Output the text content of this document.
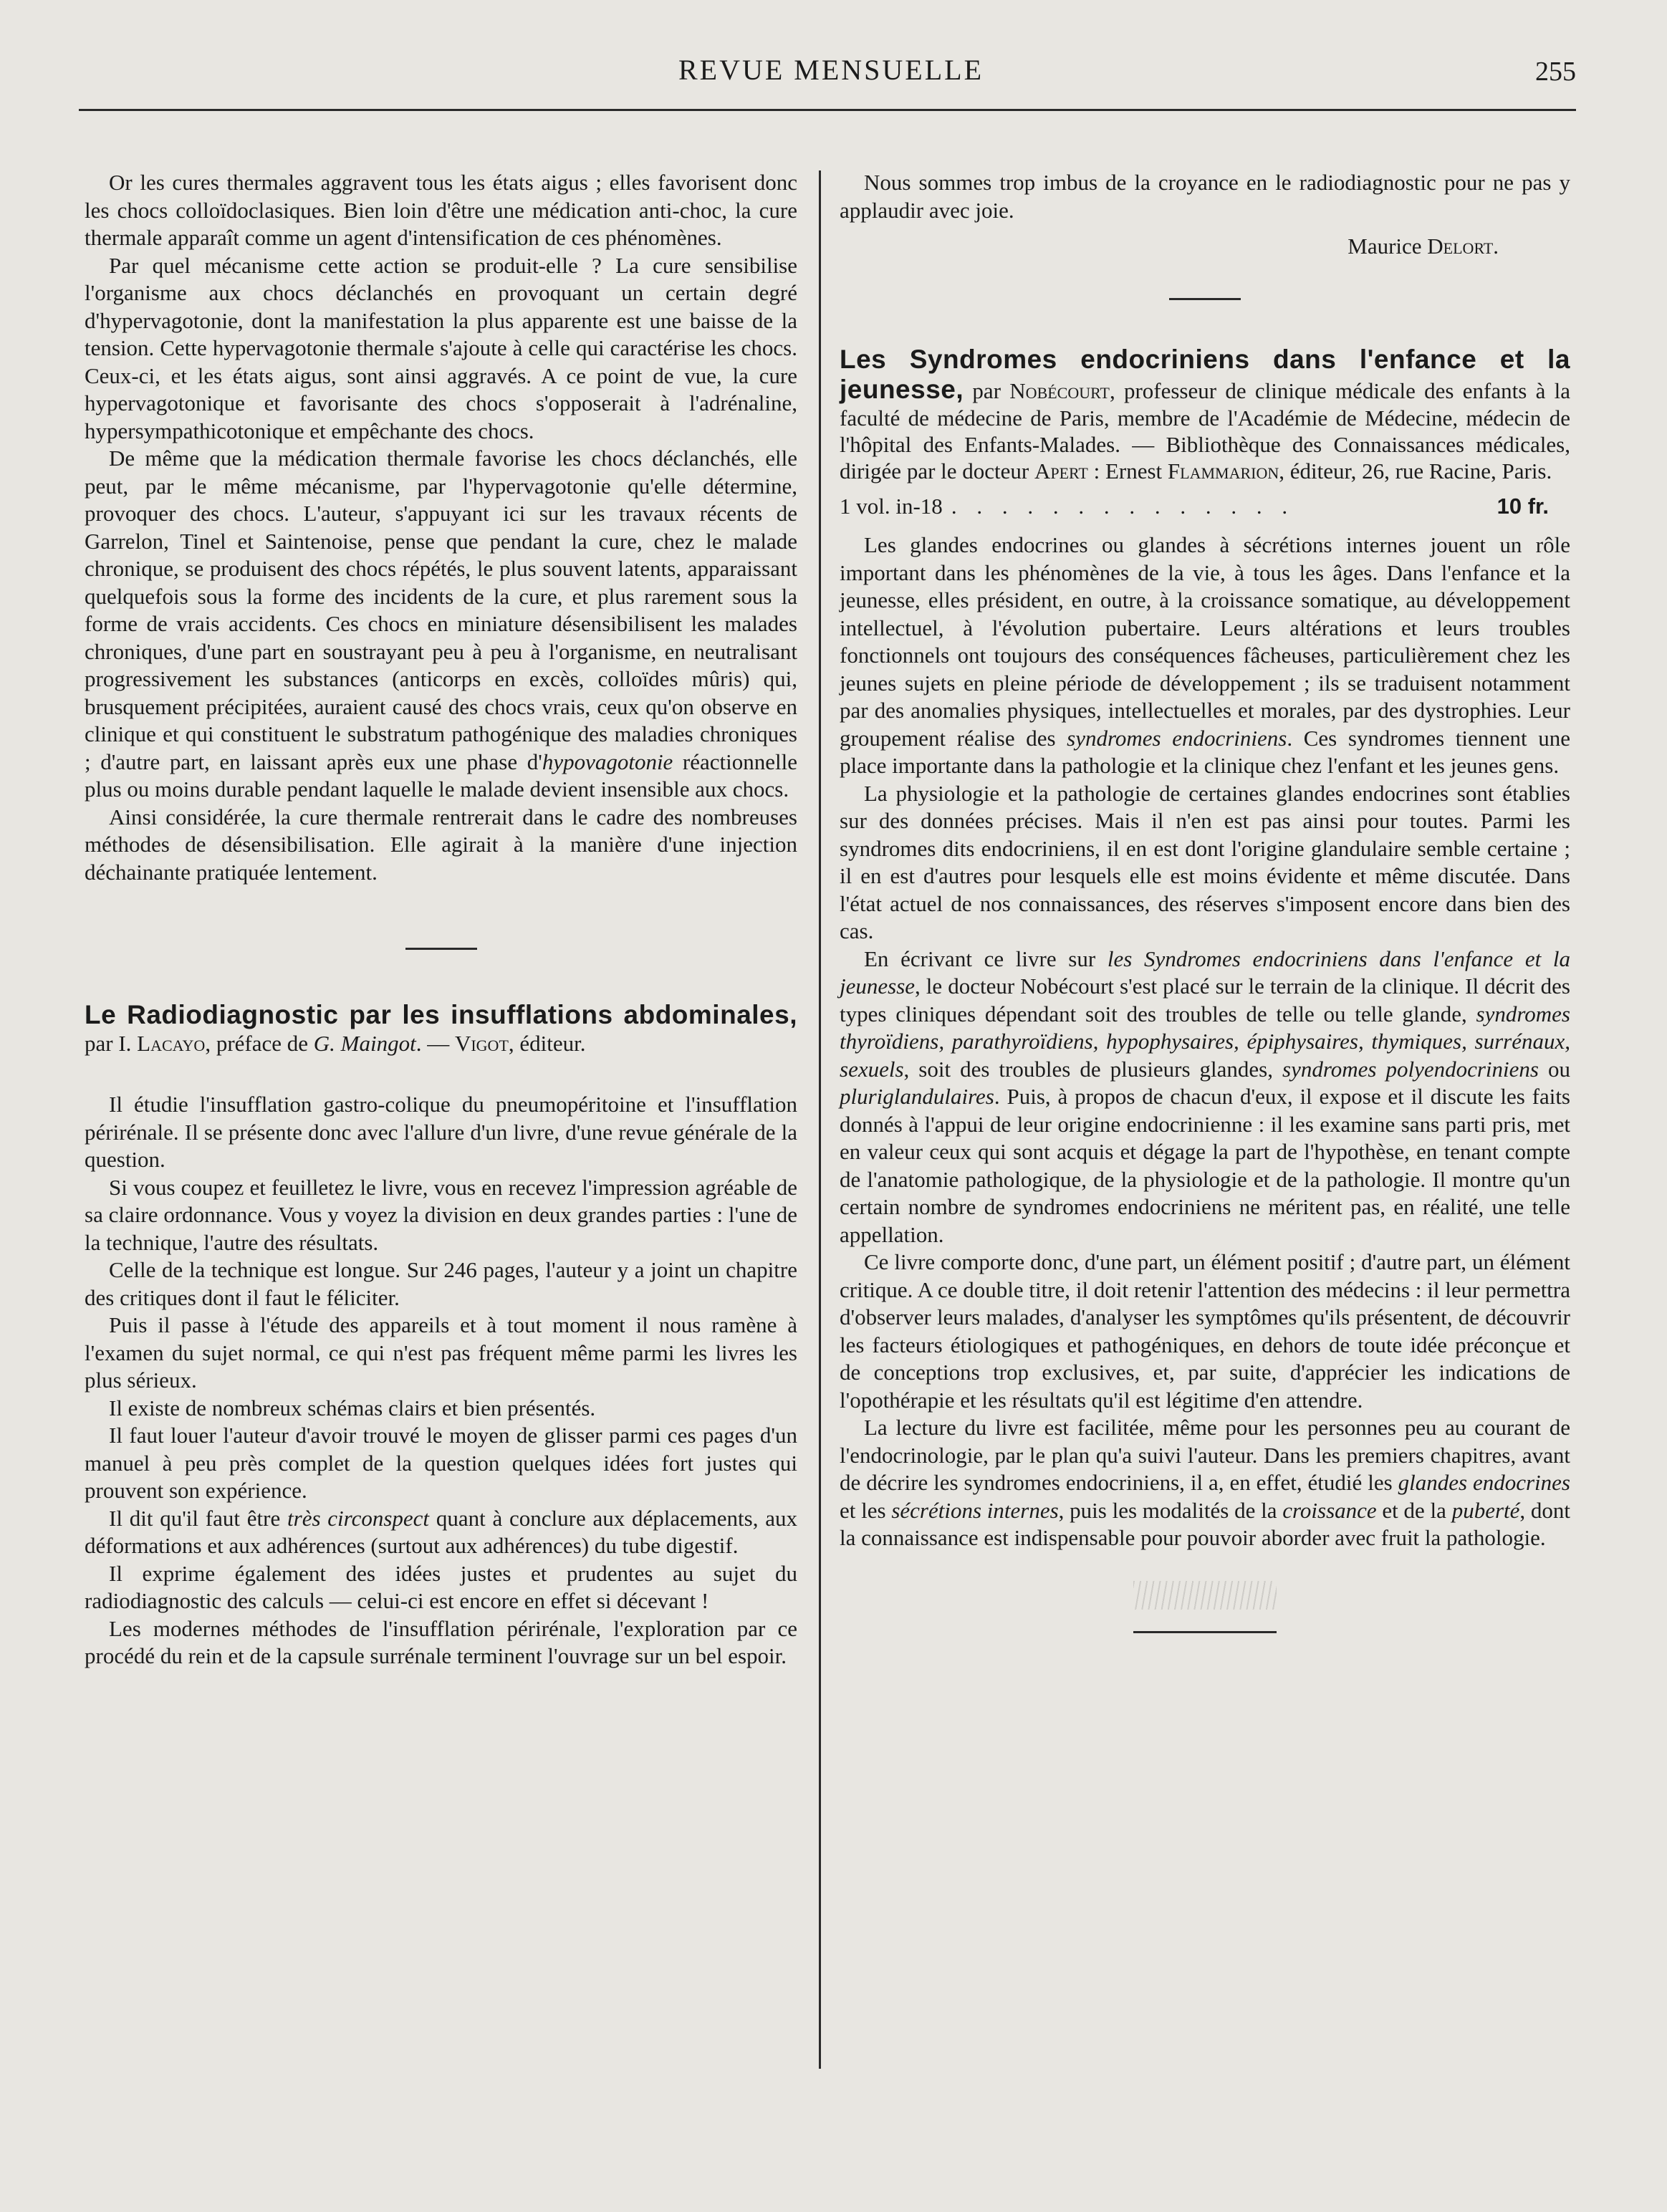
REVUE MENSUELLE	255

Or les cures thermales aggravent tous les états aigus ; elles favorisent donc les chocs colloïdoclasiques. Bien loin d'être une médication anti-choc, la cure thermale apparaît comme un agent d'intensification de ces phénomènes.

Par quel mécanisme cette action se produit-elle ? La cure sensibilise l'organisme aux chocs déclanchés en provoquant un certain degré d'hypervagotonie, dont la manifestation la plus apparente est une baisse de la tension. Cette hypervagotonie thermale s'ajoute à celle qui caractérise les chocs. Ceux-ci, et les états aigus, sont ainsi aggravés. A ce point de vue, la cure hypervagotonique et favorisante des chocs s'opposerait à l'adrénaline, hypersympathicotonique et empêchante des chocs.

De même que la médication thermale favorise les chocs déclanchés, elle peut, par le même mécanisme, par l'hypervagotonie qu'elle détermine, provoquer des chocs. L'auteur, s'appuyant ici sur les travaux récents de Garrelon, Tinel et Saintenoise, pense que pendant la cure, chez le malade chronique, se produisent des chocs répétés, le plus souvent latents, apparaissant quelquefois sous la forme des incidents de la cure, et plus rarement sous la forme de vrais accidents. Ces chocs en miniature désensibilisent les malades chroniques, d'une part en soustrayant peu à peu à l'organisme, en neutralisant progressivement les substances (anticorps en excès, colloïdes mûris) qui, brusquement précipitées, auraient causé des chocs vrais, ceux qu'on observe en clinique et qui constituent le substratum pathogénique des maladies chroniques ; d'autre part, en laissant après eux une phase d'hypovagotonie réactionnelle plus ou moins durable pendant laquelle le malade devient insensible aux chocs.

Ainsi considérée, la cure thermale rentrerait dans le cadre des nombreuses méthodes de désensibilisation. Elle agirait à la manière d'une injection déchainante pratiquée lentement.

Le Radiodiagnostic par les insufflations abdominales, par I. Lacayo, préface de G. Maingot. — Vigot, éditeur.

Il étudie l'insufflation gastro-colique du pneumopéritoine et l'insufflation périrénale. Il se présente donc avec l'allure d'un livre, d'une revue générale de la question.

Si vous coupez et feuilletez le livre, vous en recevez l'impression agréable de sa claire ordonnance. Vous y voyez la division en deux grandes parties : l'une de la technique, l'autre des résultats.

Celle de la technique est longue. Sur 246 pages, l'auteur y a joint un chapitre des critiques dont il faut le féliciter.

Puis il passe à l'étude des appareils et à tout moment il nous ramène à l'examen du sujet normal, ce qui n'est pas fréquent même parmi les livres les plus sérieux.

Il existe de nombreux schémas clairs et bien présentés.

Il faut louer l'auteur d'avoir trouvé le moyen de glisser parmi ces pages d'un manuel à peu près complet de la question quelques idées fort justes qui prouvent son expérience.

Il dit qu'il faut être très circonspect quant à conclure aux déplacements, aux déformations et aux adhérences (surtout aux adhérences) du tube digestif.

Il exprime également des idées justes et prudentes au sujet du radiodiagnostic des calculs — celui-ci est encore en effet si décevant !

Les modernes méthodes de l'insufflation périrénale, l'exploration par ce procédé du rein et de la capsule surrénale terminent l'ouvrage sur un bel espoir.

Nous sommes trop imbus de la croyance en le radiodiagnostic pour ne pas y applaudir avec joie.

Maurice Delort.
Les Syndromes endocriniens dans l'enfance et la jeunesse, par Nobécourt, professeur de clinique médicale des enfants à la faculté de médecine de Paris, membre de l'Académie de Médecine, médecin de l'hôpital des Enfants-Malades. — Bibliothèque des Connaissances médicales, dirigée par le docteur Apert : Ernest Flammarion, éditeur, 26, rue Racine, Paris.
1 vol. in-18 . . . . . . . . . . . . . .	10 fr.

Les glandes endocrines ou glandes à sécrétions internes jouent un rôle important dans les phénomènes de la vie, à tous les âges. Dans l'enfance et la jeunesse, elles président, en outre, à la croissance somatique, au développement intellectuel, à l'évolution pubertaire. Leurs altérations et leurs troubles fonctionnels ont toujours des conséquences fâcheuses, particulièrement chez les jeunes sujets en pleine période de développement ; ils se traduisent notamment par des anomalies physiques, intellectuelles et morales, par des dystrophies. Leur groupement réalise des syndromes endocriniens. Ces syndromes tiennent une place importante dans la pathologie et la clinique chez l'enfant et les jeunes gens.

La physiologie et la pathologie de certaines glandes endocrines sont établies sur des données précises. Mais il n'en est pas ainsi pour toutes. Parmi les syndromes dits endocriniens, il en est dont l'origine glandulaire semble certaine ; il en est d'autres pour lesquels elle est moins évidente et même discutée. Dans l'état actuel de nos connaissances, des réserves s'imposent encore dans bien des cas.

En écrivant ce livre sur les Syndromes endocriniens dans l'enfance et la jeunesse, le docteur Nobécourt s'est placé sur le terrain de la clinique. Il décrit des types cliniques dépendant soit des troubles de telle ou telle glande, syndromes thyroïdiens, parathyroïdiens, hypophysaires, épiphysaires, thymiques, surrénaux, sexuels, soit des troubles de plusieurs glandes, syndromes polyendocriniens ou pluriglandulaires. Puis, à propos de chacun d'eux, il expose et il discute les faits donnés à l'appui de leur origine endocrinienne : il les examine sans parti pris, met en valeur ceux qui sont acquis et dégage la part de l'hypothèse, en tenant compte de l'anatomie pathologique, de la physiologie et de la pathologie. Il montre qu'un certain nombre de syndromes endocriniens ne méritent pas, en réalité, une telle appellation.

Ce livre comporte donc, d'une part, un élément positif ; d'autre part, un élément critique. A ce double titre, il doit retenir l'attention des médecins : il leur permettra d'observer leurs malades, d'analyser les symptômes qu'ils présentent, de découvrir les facteurs étiologiques et pathogéniques, en dehors de toute idée préconçue et de conceptions trop exclusives, et, par suite, d'apprécier les indications de l'opothérapie et les résultats qu'il est légitime d'en attendre.

La lecture du livre est facilitée, même pour les personnes peu au courant de l'endocrinologie, par le plan qu'a suivi l'auteur. Dans les premiers chapitres, avant de décrire les syndromes endocriniens, il a, en effet, étudié les glandes endocrines et les sécrétions internes, puis les modalités de la croissance et de la puberté, dont la connaissance est indispensable pour pouvoir aborder avec fruit la pathologie.
